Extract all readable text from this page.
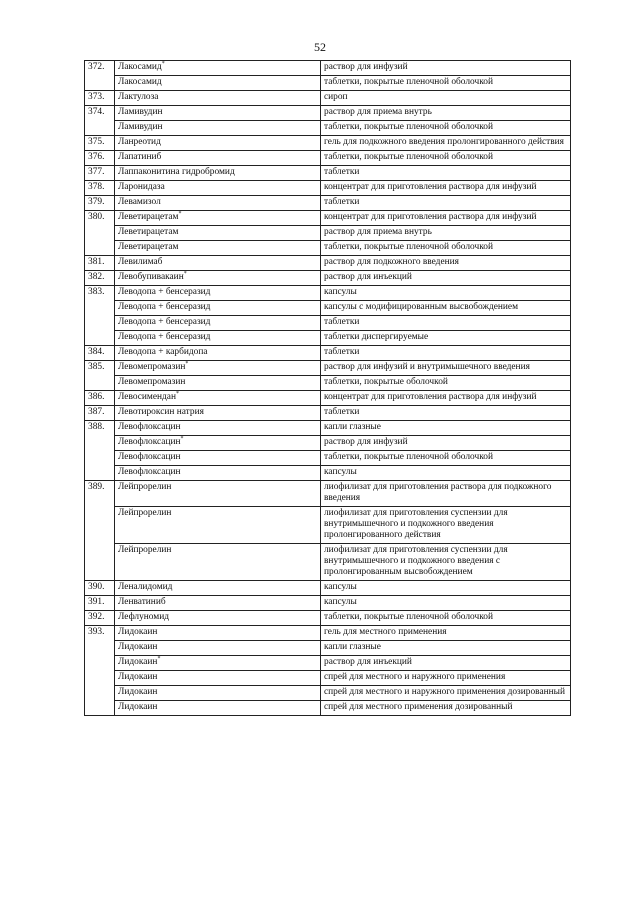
52
372.	Лакосамид*	раствор для инфузий
	Лакосамид	таблетки, покрытые пленочной оболочкой
373.	Лактулоза	сироп
374.	Ламивудин	раствор для приема внутрь
	Ламивудин	таблетки, покрытые пленочной оболочкой
375.	Ланреотид	гель для подкожного введения пролонгированного действия
376.	Лапатиниб	таблетки, покрытые пленочной оболочкой
377.	Лаппаконитина гидробромид	таблетки
378.	Ларонидаза	концентрат для приготовления раствора для инфузий
379.	Левамизол	таблетки
380.	Леветирацетам*	концентрат для приготовления раствора для инфузий
	Леветирацетам	раствор для приема внутрь
	Леветирацетам	таблетки, покрытые пленочной оболочкой
381.	Левилимаб	раствор для подкожного введения
382.	Левобупивакаин*	раствор для инъекций
383.	Леводопа + бенсеразид	капсулы
	Леводопа + бенсеразид	капсулы с модифицированным высвобождением
	Леводопа + бенсеразид	таблетки
	Леводопа + бенсеразид	таблетки диспергируемые
384.	Леводопа + карбидопа	таблетки
385.	Левомепромазин*	раствор для инфузий и внутримышечного введения
	Левомепромазин	таблетки, покрытые оболочкой
386.	Левосимендан*	концентрат для приготовления раствора для инфузий
387.	Левотироксин натрия	таблетки
388.	Левофлоксацин	капли глазные
	Левофлоксацин*	раствор для инфузий
	Левофлоксацин	таблетки, покрытые пленочной оболочкой
	Левофлоксацин	капсулы
389.	Лейпрорелин	лиофилизат для приготовления раствора для подкожного введения
	Лейпрорелин	лиофилизат для приготовления суспензии для внутримышечного и подкожного введения пролонгированного действия
	Лейпрорелин	лиофилизат для приготовления суспензии для внутримышечного и подкожного введения с пролонгированным высвобождением
390.	Леналидомид	капсулы
391.	Ленватиниб	капсулы
392.	Лефлуномид	таблетки, покрытые пленочной оболочкой
393.	Лидокаин	гель для местного применения
	Лидокаин	капли глазные
	Лидокаин*	раствор для инъекций
	Лидокаин	спрей для местного и наружного применения
	Лидокаин	спрей для местного и наружного применения дозированный
	Лидокаин	спрей для местного применения дозированный
